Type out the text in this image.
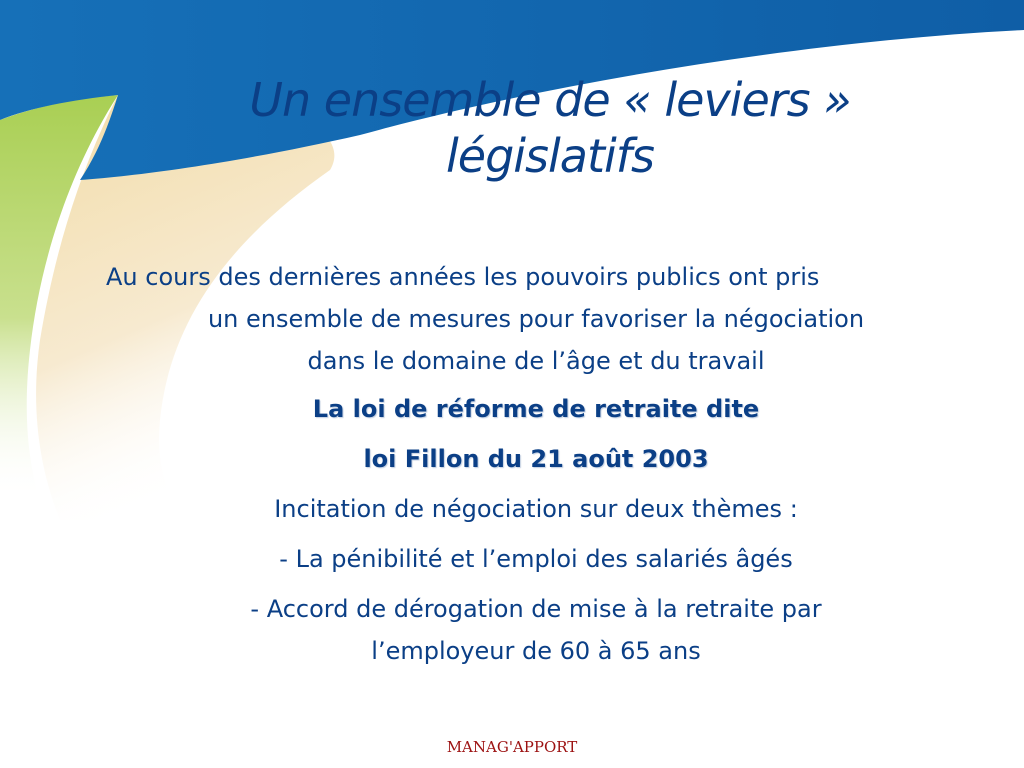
Un ensemble de « leviers »
législatifs

Au cours des dernières années les pouvoirs publics ont pris
un ensemble de mesures pour favoriser la négociation
dans le domaine de l’âge et du travail

La loi de réforme de retraite dite

loi Fillon du 21 août 2003

Incitation de négociation sur deux thèmes :

- La pénibilité et l’emploi des salariés âgés

- Accord de dérogation de mise à la retraite par
l’employeur de 60 à 65 ans

MANAG'APPORT
